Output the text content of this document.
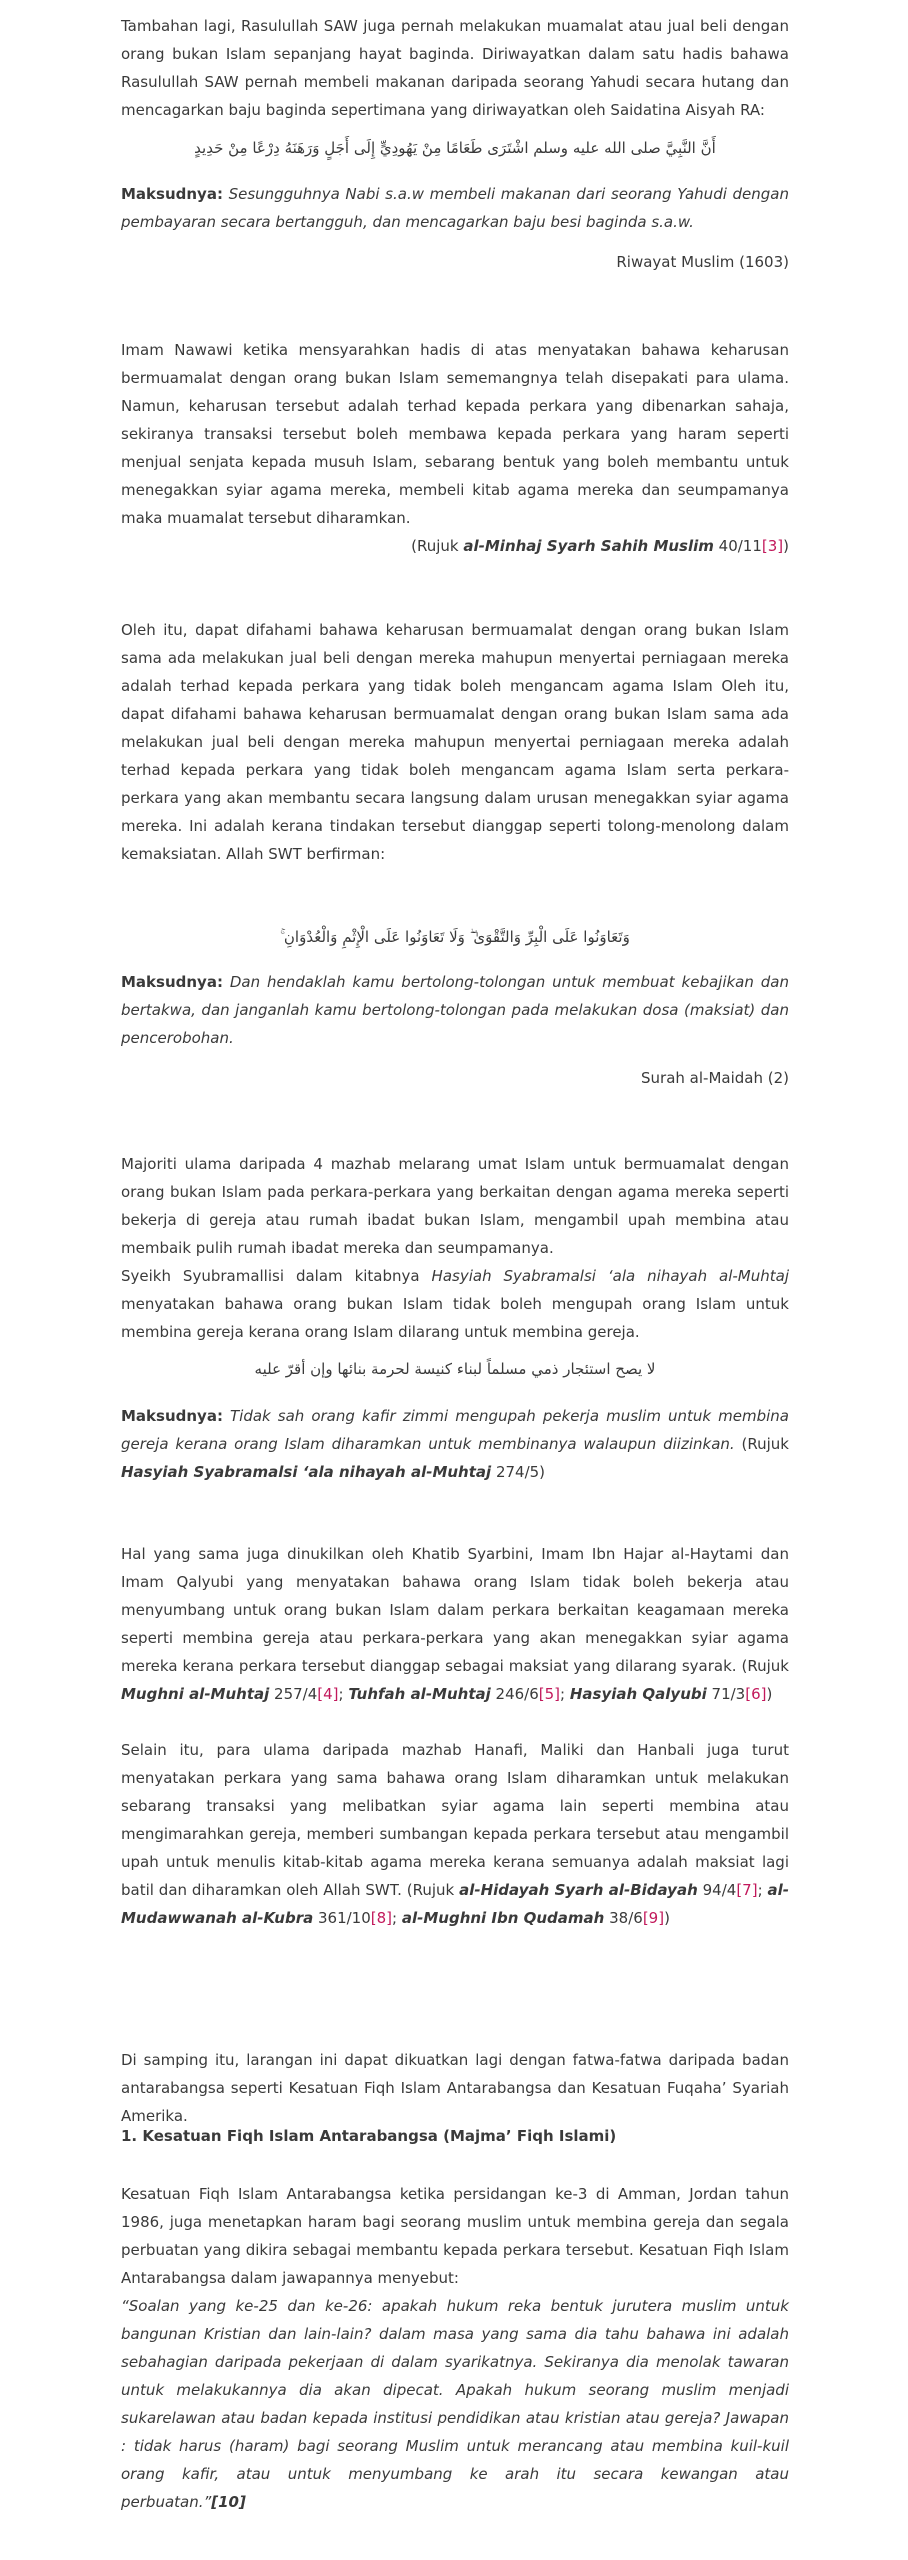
Tambahan lagi, Rasulullah SAW juga pernah melakukan muamalat atau jual beli dengan orang bukan Islam sepanjang hayat baginda. Diriwayatkan dalam satu hadis bahawa Rasulullah SAW pernah membeli makanan daripada seorang Yahudi secara hutang dan mencagarkan baju baginda sepertimana yang diriwayatkan oleh Saidatina Aisyah RA:

أَنَّ النَّبِيَّ صلى الله عليه وسلم اشْتَرَى طَعَامًا مِنْ يَهُودِيٍّ إِلَى أَجَلٍ وَرَهَنَهُ دِرْعًا مِنْ حَدِيدٍ

Maksudnya: Sesungguhnya Nabi s.a.w membeli makanan dari seorang Yahudi dengan pembayaran secara bertangguh, dan mencagarkan baju besi baginda s.a.w.

Riwayat Muslim (1603)

Imam Nawawi ketika mensyarahkan hadis di atas menyatakan bahawa keharusan bermuamalat dengan orang bukan Islam sememangnya telah disepakati para ulama. Namun, keharusan tersebut adalah terhad kepada perkara yang dibenarkan sahaja, sekiranya transaksi tersebut boleh membawa kepada perkara yang haram seperti menjual senjata kepada musuh Islam, sebarang bentuk yang boleh membantu untuk menegakkan syiar agama mereka, membeli kitab agama mereka dan seumpamanya maka muamalat tersebut diharamkan.

(Rujuk al-Minhaj Syarh Sahih Muslim 40/11[3])

Oleh itu, dapat difahami bahawa keharusan bermuamalat dengan orang bukan Islam sama ada melakukan jual beli dengan mereka mahupun menyertai perniagaan mereka adalah terhad kepada perkara yang tidak boleh mengancam agama Islam Oleh itu, dapat difahami bahawa keharusan bermuamalat dengan orang bukan Islam sama ada melakukan jual beli dengan mereka mahupun menyertai perniagaan mereka adalah terhad kepada perkara yang tidak boleh mengancam agama Islam serta perkara-perkara yang akan membantu secara langsung dalam urusan menegakkan syiar agama mereka. Ini adalah kerana tindakan tersebut dianggap seperti tolong-menolong dalam kemaksiatan. Allah SWT berfirman:

وَتَعَاوَنُوا عَلَى الْبِرِّ وَالتَّقْوَىٰ ۖ وَلَا تَعَاوَنُوا عَلَى الْإِثْمِ وَالْعُدْوَانِ ۚ

Maksudnya: Dan hendaklah kamu bertolong-tolongan untuk membuat kebajikan dan bertakwa, dan janganlah kamu bertolong-tolongan pada melakukan dosa (maksiat) dan pencerobohan.

Surah al-Maidah (2)

Majoriti ulama daripada 4 mazhab melarang umat Islam untuk bermuamalat dengan orang bukan Islam pada perkara-perkara yang berkaitan dengan agama mereka seperti bekerja di gereja atau rumah ibadat bukan Islam, mengambil upah membina atau membaik pulih rumah ibadat mereka dan seumpamanya.

Syeikh Syubramallisi dalam kitabnya Hasyiah Syabramalsi ‘ala nihayah al-Muhtaj menyatakan bahawa orang bukan Islam tidak boleh mengupah orang Islam untuk membina gereja kerana orang Islam dilarang untuk membina gereja.

لا يصح استئجار ذمي مسلماً لبناء كنيسة لحرمة بنائها وإن أقرّ عليه

Maksudnya: Tidak sah orang kafir zimmi mengupah pekerja muslim untuk membina gereja kerana orang Islam diharamkan untuk membinanya walaupun diizinkan. (Rujuk Hasyiah Syabramalsi ‘ala nihayah al-Muhtaj 274/5)

Hal yang sama juga dinukilkan oleh Khatib Syarbini, Imam Ibn Hajar al-Haytami dan Imam Qalyubi yang menyatakan bahawa orang Islam tidak boleh bekerja atau menyumbang untuk orang bukan Islam dalam perkara berkaitan keagamaan mereka seperti membina gereja atau perkara-perkara yang akan menegakkan syiar agama mereka kerana perkara tersebut dianggap sebagai maksiat yang dilarang syarak. (Rujuk Mughni al-Muhtaj 257/4[4]; Tuhfah al-Muhtaj 246/6[5]; Hasyiah Qalyubi 71/3[6])

Selain itu, para ulama daripada mazhab Hanafi, Maliki dan Hanbali juga turut menyatakan perkara yang sama bahawa orang Islam diharamkan untuk melakukan sebarang transaksi yang melibatkan syiar agama lain seperti membina atau mengimarahkan gereja, memberi sumbangan kepada perkara tersebut atau mengambil upah untuk menulis kitab-kitab agama mereka kerana semuanya adalah maksiat lagi batil dan diharamkan oleh Allah SWT. (Rujuk al-Hidayah Syarh al-Bidayah 94/4[7]; al-Mudawwanah al-Kubra 361/10[8]; al-Mughni Ibn Qudamah 38/6[9])

Di samping itu, larangan ini dapat dikuatkan lagi dengan fatwa-fatwa daripada badan antarabangsa seperti Kesatuan Fiqh Islam Antarabangsa dan Kesatuan Fuqaha’ Syariah Amerika.

1. Kesatuan Fiqh Islam Antarabangsa (Majma’ Fiqh Islami)

Kesatuan Fiqh Islam Antarabangsa ketika persidangan ke-3 di Amman, Jordan tahun 1986, juga menetapkan haram bagi seorang muslim untuk membina gereja dan segala perbuatan yang dikira sebagai membantu kepada perkara tersebut. Kesatuan Fiqh Islam Antarabangsa dalam jawapannya menyebut:

“Soalan yang ke-25 dan ke-26: apakah hukum reka bentuk jurutera muslim untuk bangunan Kristian dan lain-lain? dalam masa yang sama dia tahu bahawa ini adalah sebahagian daripada pekerjaan di dalam syarikatnya. Sekiranya dia menolak tawaran untuk melakukannya dia akan dipecat. Apakah hukum seorang muslim menjadi sukarelawan atau badan kepada institusi pendidikan atau kristian atau gereja? Jawapan : tidak harus (haram) bagi seorang Muslim untuk merancang atau membina kuil-kuil orang kafir, atau untuk menyumbang ke arah itu secara kewangan atau perbuatan.”[10]
